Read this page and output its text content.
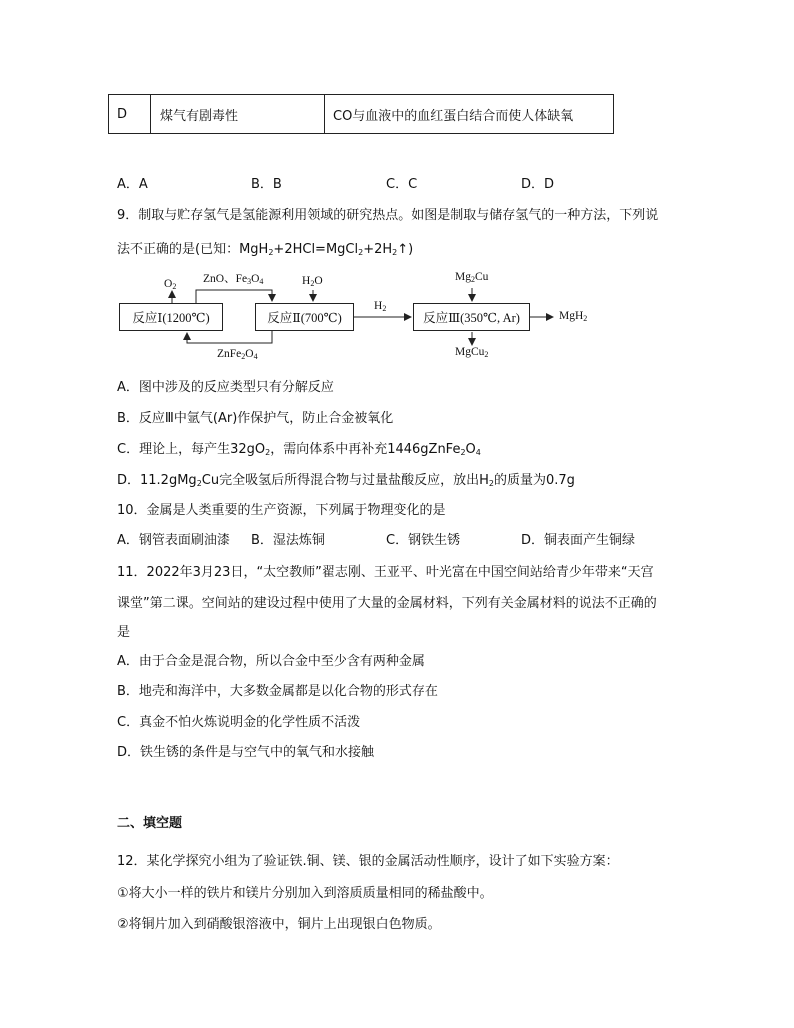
D	煤气有剧毒性	CO与血液中的血红蛋白结合而使人体缺氧
A．A	B．B	C．C	D．D
9．制取与贮存氢气是氢能源利用领域的研究热点。如图是制取与储存氢气的一种方法，下列说
法不正确的是(已知：$MgH_2+2HCl=MgCl_2+2H_2↑$)
反应Ⅰ(1200℃)	反应Ⅱ(700℃)	反应Ⅲ(350℃, Ar)
$O_2$
ZnO、$Fe_3O_4$	$H_2O$
$H_2$
$Mg_2Cu$
MgCu$_2$
MgH$_2$
$ZnFe_2O_4$
A．图中涉及的反应类型只有分解反应
B．反应Ⅲ中氩气(Ar)作保护气，防止合金被氧化
C．理论上，每产生$32gO_2$，需向体系中再补充$1446gZnFe_2O_4$
D．11.2gMg$_2$Cu完全吸氢后所得混合物与过量盐酸反应，放出$H_2$的质量为0.7g
10．金属是人类重要的生产资源，下列属于物理变化的是
A．钢管表面刷油漆 B．湿法炼铜	C．钢铁生锈	D．铜表面产生铜绿
11．2022年3月23日，“太空教师”翟志刚、王亚平、叶光富在中国空间站给青少年带来“天宫
课堂”第二课。空间站的建设过程中使用了大量的金属材料，下列有关金属材料的说法不正确的
是
A．由于合金是混合物，所以合金中至少含有两种金属
B．地壳和海洋中，大多数金属都是以化合物的形式存在
C．真金不怕火炼说明金的化学性质不活泼
D．铁生锈的条件是与空气中的氧气和水接触
二、填空题
12．某化学探究小组为了验证铁.铜、镁、银的金属活动性顺序，设计了如下实验方案：
①将大小一样的铁片和镁片分别加入到溶质质量相同的稀盐酸中。
②将铜片加入到硝酸银溶液中，铜片上出现银白色物质。
